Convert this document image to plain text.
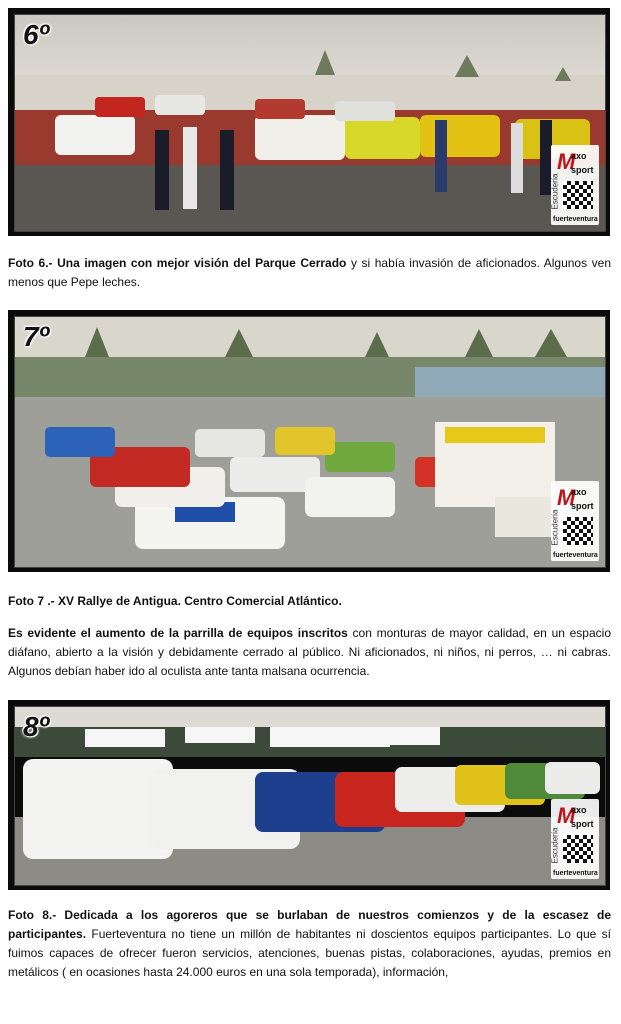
6º
M
axo
sport
Escudería
fuerteventura
Foto 6.- Una imagen con mejor visión del Parque Cerrado y si había invasión de aficionados. Algunos ven menos que Pepe leches.
7º
M
axo
sport
Escudería
fuerteventura
Foto 7 .- XV Rallye de Antigua. Centro Comercial Atlántico.
Es evidente el aumento de la parrilla de equipos inscritos con monturas de mayor calidad, en un espacio diáfano, abierto a la visión y debidamente cerrado al público. Ni aficionados, ni niños, ni perros, … ni cabras. Algunos debían haber ido al oculista ante tanta malsana ocurrencia.
8º
M
axo
sport
Escudería
fuerteventura
Foto 8.- Dedicada a los agoreros que se burlaban de nuestros comienzos y de la escasez de participantes. Fuerteventura no tiene un millón de habitantes ni doscientos equipos participantes. Lo que sí fuimos capaces de ofrecer fueron servicios, atenciones, buenas pistas, colaboraciones, ayudas, premios en metálicos ( en ocasiones hasta 24.000 euros en una sola temporada), información,
